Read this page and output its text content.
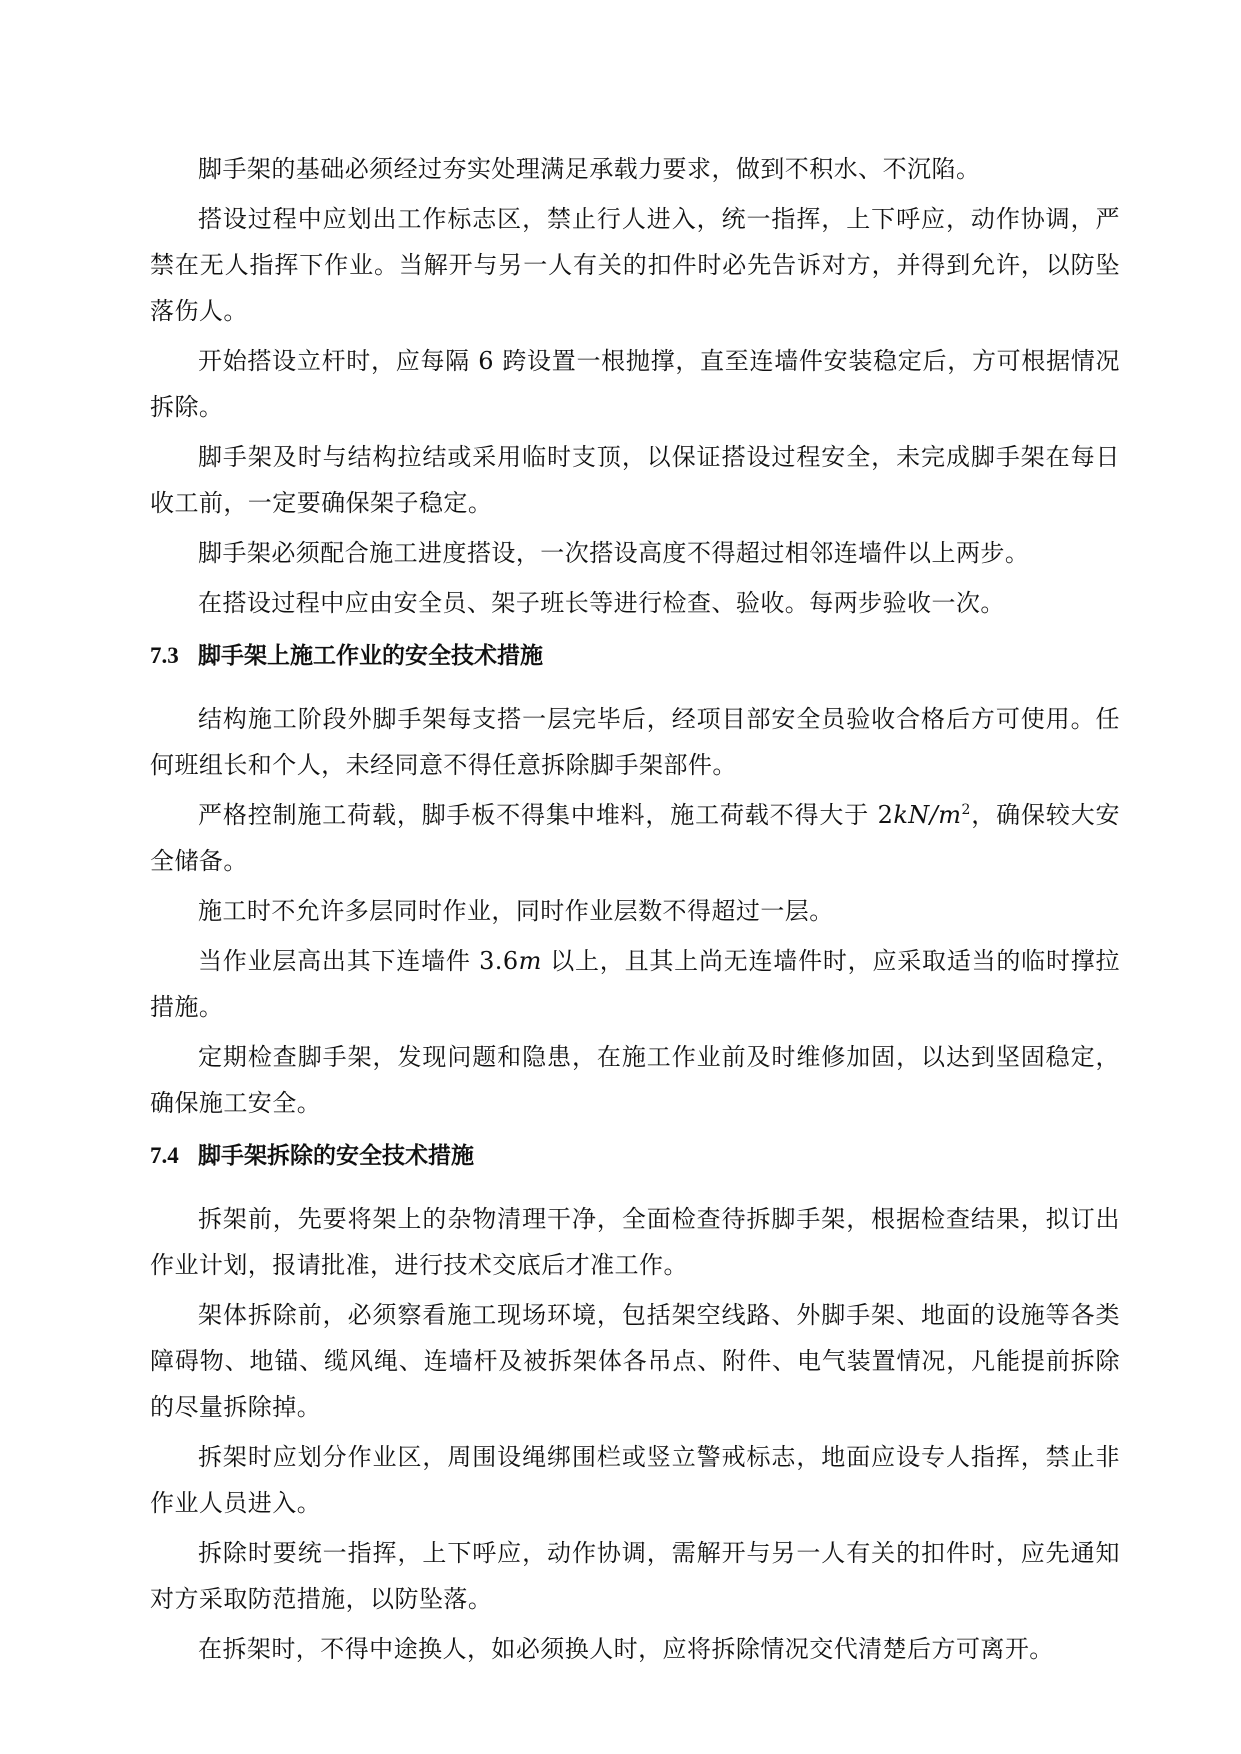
脚手架的基础必须经过夯实处理满足承载力要求，做到不积水、不沉陷。

搭设过程中应划出工作标志区，禁止行人进入，统一指挥，上下呼应，动作协调，严禁在无人指挥下作业。当解开与另一人有关的扣件时必先告诉对方，并得到允许，以防坠落伤人。

开始搭设立杆时，应每隔 6 跨设置一根抛撑，直至连墙件安装稳定后，方可根据情况拆除。

脚手架及时与结构拉结或采用临时支顶，以保证搭设过程安全，未完成脚手架在每日收工前，一定要确保架子稳定。

脚手架必须配合施工进度搭设，一次搭设高度不得超过相邻连墙件以上两步。

在搭设过程中应由安全员、架子班长等进行检查、验收。每两步验收一次。

7.3 脚手架上施工作业的安全技术措施

结构施工阶段外脚手架每支搭一层完毕后，经项目部安全员验收合格后方可使用。任何班组长和个人，未经同意不得任意拆除脚手架部件。

严格控制施工荷载，脚手板不得集中堆料，施工荷载不得大于 $2kN/m^2$，确保较大安全储备。

施工时不允许多层同时作业，同时作业层数不得超过一层。

当作业层高出其下连墙件 3.6m 以上，且其上尚无连墙件时，应采取适当的临时撑拉措施。

定期检查脚手架，发现问题和隐患，在施工作业前及时维修加固，以达到坚固稳定，确保施工安全。

7.4 脚手架拆除的安全技术措施

拆架前，先要将架上的杂物清理干净，全面检查待拆脚手架，根据检查结果，拟订出作业计划，报请批准，进行技术交底后才准工作。

架体拆除前，必须察看施工现场环境，包括架空线路、外脚手架、地面的设施等各类障碍物、地锚、缆风绳、连墙杆及被拆架体各吊点、附件、电气装置情况，凡能提前拆除的尽量拆除掉。

拆架时应划分作业区，周围设绳绑围栏或竖立警戒标志，地面应设专人指挥，禁止非作业人员进入。

拆除时要统一指挥，上下呼应，动作协调，需解开与另一人有关的扣件时，应先通知对方采取防范措施，以防坠落。

在拆架时，不得中途换人，如必须换人时，应将拆除情况交代清楚后方可离开。
